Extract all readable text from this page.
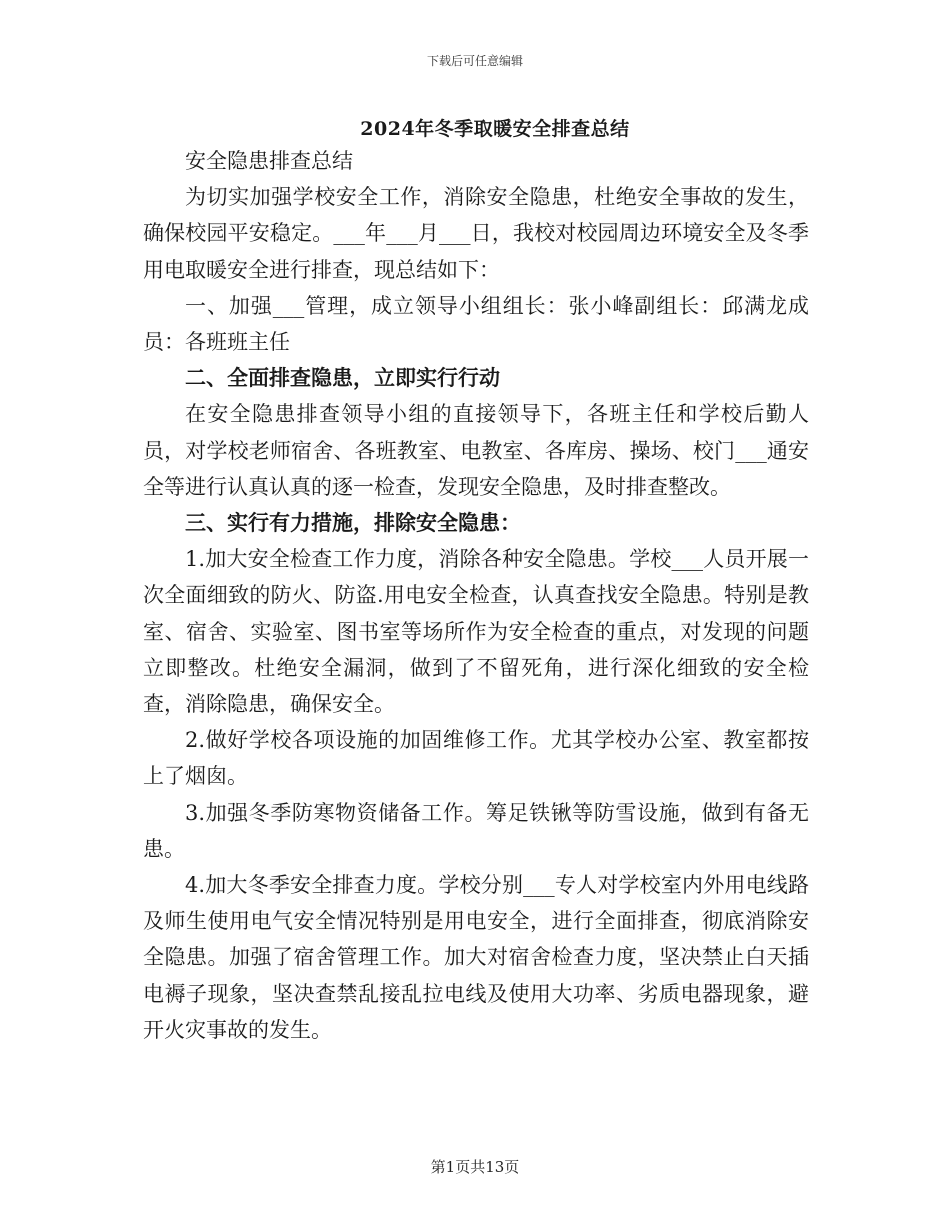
下载后可任意编辑
2024年冬季取暖安全排查总结

安全隐患排查总结

为切实加强学校安全工作，消除安全隐患，杜绝安全事故的发生，确保校园平安稳定。___年___月___日，我校对校园周边环境安全及冬季用电取暖安全进行排查，现总结如下：

一、加强___管理，成立领导小组组长：张小峰副组长：邱满龙成员：各班班主任

二、全面排查隐患，立即实行行动

在安全隐患排查领导小组的直接领导下，各班主任和学校后勤人员，对学校老师宿舍、各班教室、电教室、各库房、操场、校门___通安全等进行认真认真的逐一检查，发现安全隐患，及时排查整改。

三、实行有力措施，排除安全隐患：

1.加大安全检查工作力度，消除各种安全隐患。学校___人员开展一次全面细致的防火、防盗.用电安全检查，认真查找安全隐患。特别是教室、宿舍、实验室、图书室等场所作为安全检查的重点，对发现的问题立即整改。杜绝安全漏洞，做到了不留死角，进行深化细致的安全检查，消除隐患，确保安全。

2.做好学校各项设施的加固维修工作。尤其学校办公室、教室都按上了烟囱。

3.加强冬季防寒物资储备工作。筹足铁锹等防雪设施，做到有备无患。

4.加大冬季安全排查力度。学校分别___专人对学校室内外用电线路及师生使用电气安全情况特别是用电安全，进行全面排查，彻底消除安全隐患。加强了宿舍管理工作。加大对宿舍检查力度，坚决禁止白天插电褥子现象，坚决查禁乱接乱拉电线及使用大功率、劣质电器现象，避开火灾事故的发生。

第1页共13页
